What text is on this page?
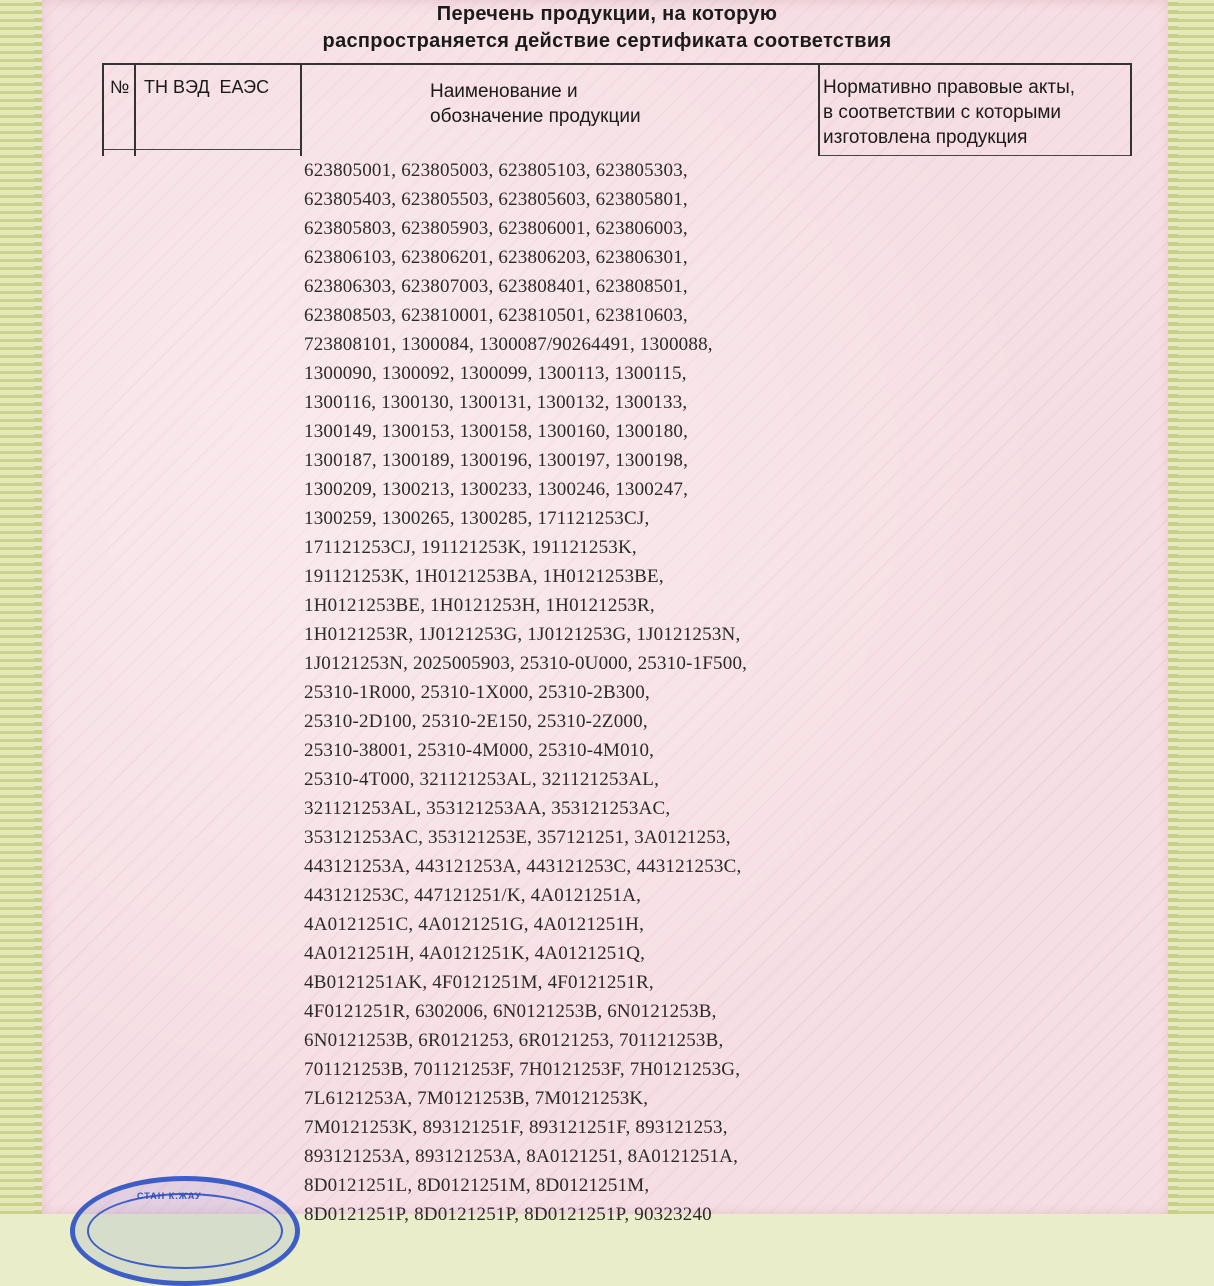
Перечень продукции, на которую
распространяется действие сертификата соответствия
№ ТН ВЭД  ЕАЭС	Наименование и
обозначение продукции
Нормативно правовые акты,
в соответствии с которыми
изготовлена продукция
623805001, 623805003, 623805103, 623805303,
623805403, 623805503, 623805603, 623805801,
623805803, 623805903, 623806001, 623806003,
623806103, 623806201, 623806203, 623806301,
623806303, 623807003, 623808401, 623808501,
623808503, 623810001, 623810501, 623810603,
723808101, 1300084, 1300087/90264491, 1300088,
1300090, 1300092, 1300099, 1300113, 1300115,
1300116, 1300130, 1300131, 1300132, 1300133,
1300149, 1300153, 1300158, 1300160, 1300180,
1300187, 1300189, 1300196, 1300197, 1300198,
1300209, 1300213, 1300233, 1300246, 1300247,
1300259, 1300265, 1300285, 171121253CJ,
171121253CJ, 191121253K, 191121253K,
191121253K, 1H0121253BA, 1H0121253BE,
1H0121253BE, 1H0121253H, 1H0121253R,
1H0121253R, 1J0121253G, 1J0121253G, 1J0121253N,
1J0121253N, 2025005903, 25310-0U000, 25310-1F500,
25310-1R000, 25310-1X000, 25310-2B300,
25310-2D100, 25310-2E150, 25310-2Z000,
25310-38001, 25310-4M000, 25310-4M010,
25310-4T000, 321121253AL, 321121253AL,
321121253AL, 353121253AA, 353121253AC,
353121253AC, 353121253E, 357121251, 3A0121253,
443121253A, 443121253A, 443121253C, 443121253C,
443121253C, 447121251/K, 4A0121251A,
4A0121251C, 4A0121251G, 4A0121251H,
4A0121251H, 4A0121251K, 4A0121251Q,
4B0121251AK, 4F0121251M, 4F0121251R,
4F0121251R, 6302006, 6N0121253B, 6N0121253B,
6N0121253B, 6R0121253, 6R0121253, 701121253B,
701121253B, 701121253F, 7H0121253F, 7H0121253G,
7L6121253A, 7M0121253B, 7M0121253K,
7M0121253K, 893121251F, 893121251F, 893121253,
893121253A, 893121253A, 8A0121251, 8A0121251A,
8D0121251L, 8D0121251M, 8D0121251M,
8D0121251P, 8D0121251P, 8D0121251P, 90323240
СТАН К.ЖАУ
